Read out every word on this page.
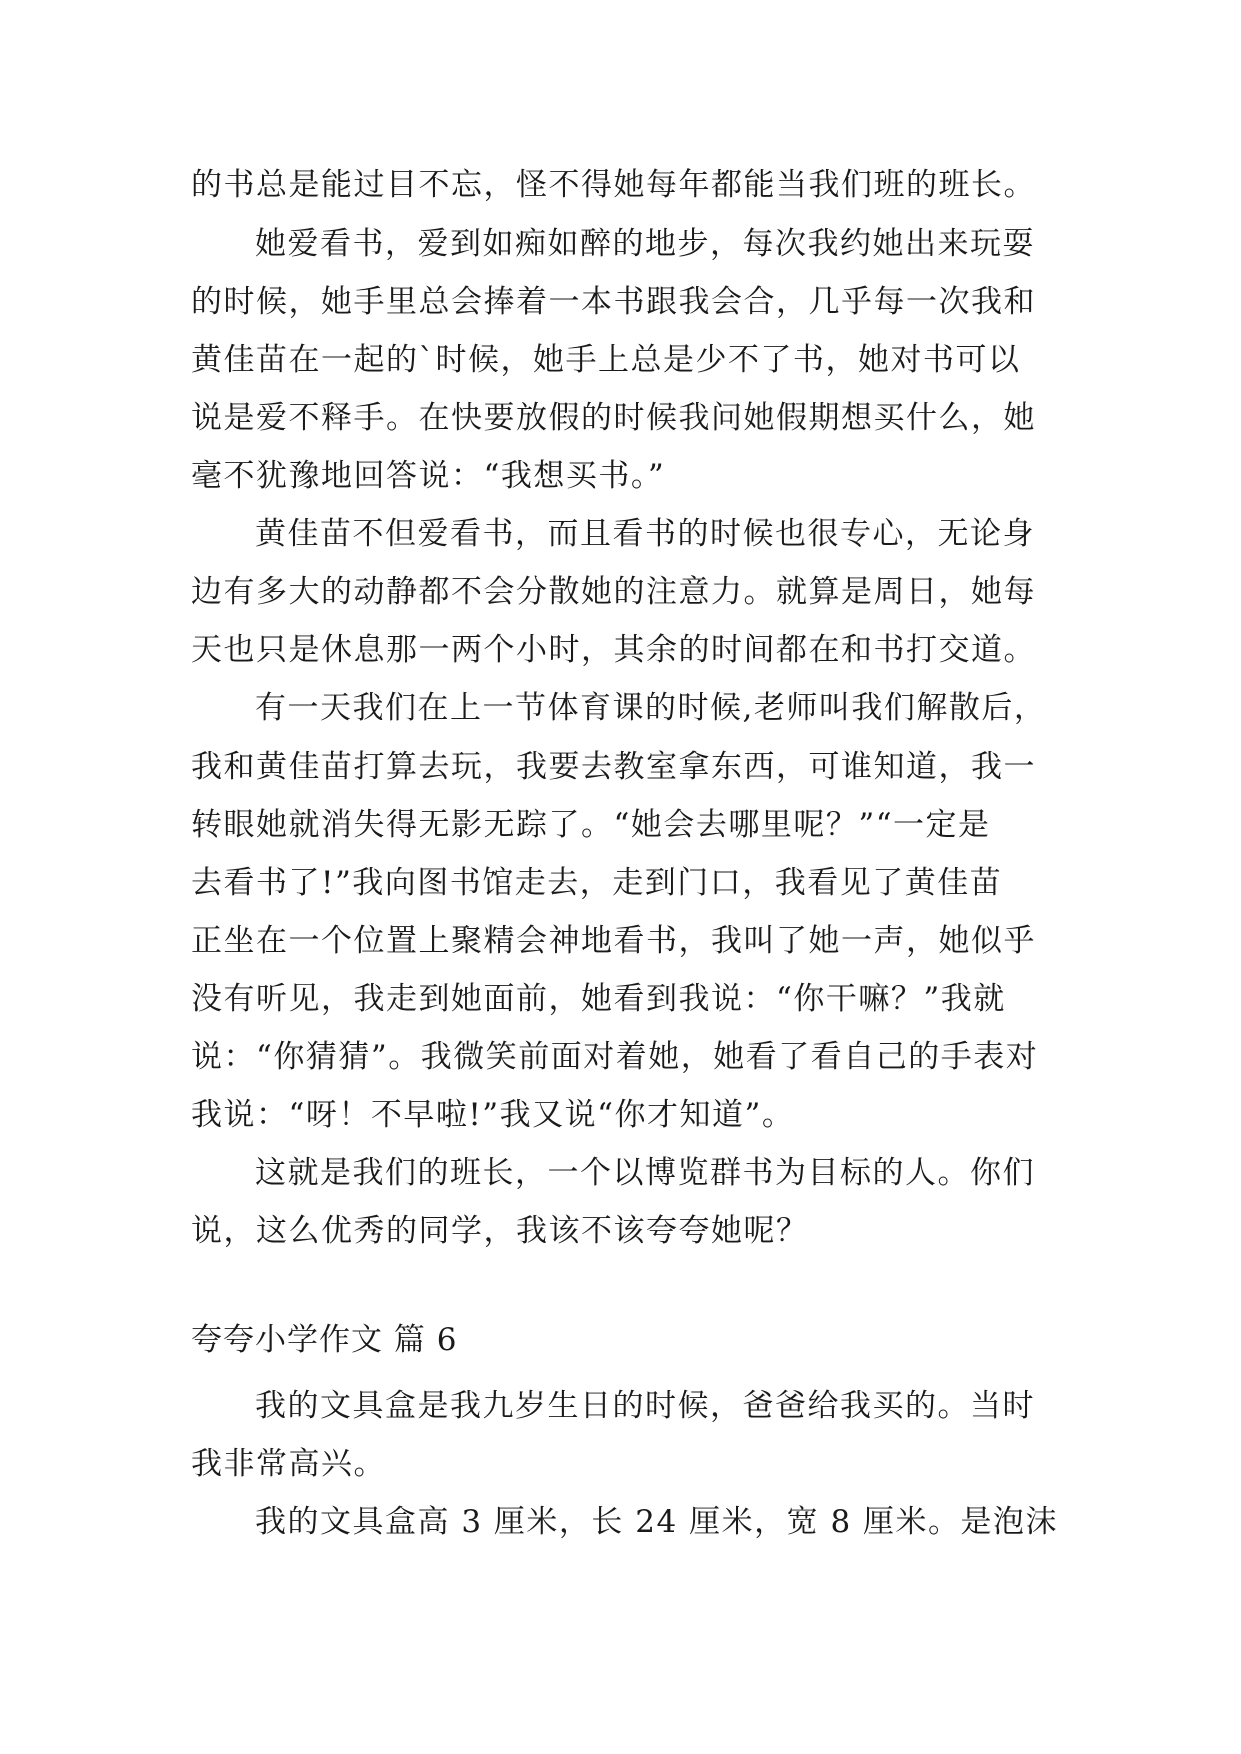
的书总是能过目不忘，怪不得她每年都能当我们班的班长。
她爱看书，爱到如痴如醉的地步，每次我约她出来玩耍
的时候，她手里总会捧着一本书跟我会合，几乎每一次我和
黄佳苗在一起的`时候，她手上总是少不了书，她对书可以
说是爱不释手。在快要放假的时候我问她假期想买什么，她
毫不犹豫地回答说：“我想买书。”
黄佳苗不但爱看书，而且看书的时候也很专心，无论身
边有多大的动静都不会分散她的注意力。就算是周日，她每
天也只是休息那一两个小时，其余的时间都在和书打交道。
有一天我们在上一节体育课的时候,老师叫我们解散后，
我和黄佳苗打算去玩，我要去教室拿东西，可谁知道，我一
转眼她就消失得无影无踪了。“她会去哪里呢？”“一定是
去看书了!”我向图书馆走去，走到门口，我看见了黄佳苗
正坐在一个位置上聚精会神地看书，我叫了她一声，她似乎
没有听见，我走到她面前，她看到我说：“你干嘛？”我就
说：“你猜猜”。我微笑前面对着她，她看了看自己的手表对
我说：“呀！不早啦!”我又说“你才知道”。
这就是我们的班长，一个以博览群书为目标的人。你们
说，这么优秀的同学，我该不该夸夸她呢？
夸夸小学作文 篇 6
我的文具盒是我九岁生日的时候，爸爸给我买的。当时
我非常高兴。
我的文具盒高 3 厘米，长 24 厘米，宽 8 厘米。是泡沫
